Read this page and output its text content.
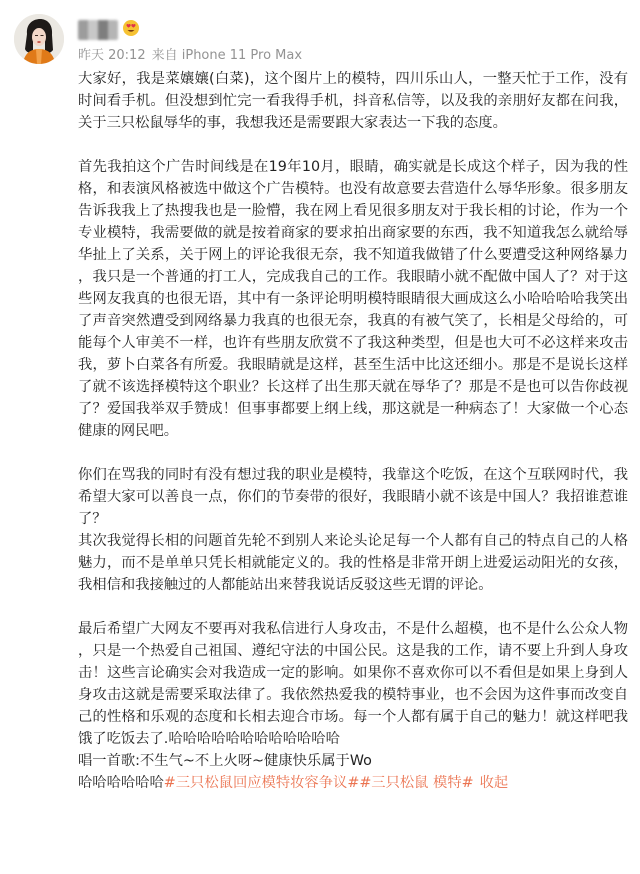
昨天 20:12 来自 iPhone 11 Pro Max

大家好，我是菜孃孃(白菜)，这个图片上的模特，四川乐山人，一整天忙于工作，没有时间看手机。但没想到忙完一看我得手机，抖音私信等，以及我的亲朋好友都在问我，关于三只松鼠辱华的事，我想我还是需要跟大家表达一下我的态度。

首先我拍这个广告时间线是在19年10月，眼睛，确实就是长成这个样子，因为我的性格，和表演风格被选中做这个广告模特。也没有故意要去营造什么辱华形象。很多朋友告诉我我上了热搜我也是一脸懵，我在网上看见很多朋友对于我长相的讨论，作为一个专业模特，我需要做的就是按着商家的要求拍出商家要的东西，我不知道我怎么就给辱华扯上了关系，关于网上的评论我很无奈，我不知道我做错了什么要遭受这种网络暴力，我只是一个普通的打工人，完成我自己的工作。我眼睛小就不配做中国人了？对于这些网友我真的也很无语，其中有一条评论明明模特眼睛很大画成这么小哈哈哈哈我笑出了声音突然遭受到网络暴力我真的也很无奈，我真的有被气笑了，长相是父母给的，可能每个人审美不一样，也许有些朋友欣赏不了我这种类型，但是也大可不必这样来攻击我，萝卜白菜各有所爱。我眼睛就是这样，甚至生活中比这还细小。那是不是说长这样了就不该选择模特这个职业？长这样了出生那天就在辱华了？那是不是也可以告你歧视了？爱国我举双手赞成！但事事都要上纲上线，那这就是一种病态了！大家做一个心态健康的网民吧。

你们在骂我的同时有没有想过我的职业是模特，我靠这个吃饭，在这个互联网时代，我希望大家可以善良一点，你们的节奏带的很好，我眼睛小就不该是中国人？我招谁惹谁了？

其次我觉得长相的问题首先轮不到别人来论头论足每一个人都有自己的特点自己的人格魅力，而不是单单只凭长相就能定义的。我的性格是非常开朗上进爱运动阳光的女孩，我相信和我接触过的人都能站出来替我说话反驳这些无谓的评论。

最后希望广大网友不要再对我私信进行人身攻击，不是什么超模，也不是什么公众人物，只是一个热爱自己祖国、遵纪守法的中国公民。这是我的工作，请不要上升到人身攻击！这些言论确实会对我造成一定的影响。如果你不喜欢你可以不看但是如果上身到人身攻击这就是需要采取法律了。我依然热爱我的模特事业，也不会因为这件事而改变自己的性格和乐观的态度和长相去迎合市场。每一个人都有属于自己的魅力！就这样吧我饿了吃饭去了.哈哈哈哈哈哈哈哈哈哈哈哈

唱一首歌:不生气~不上火呀~健康快乐属于Wo

哈哈哈哈哈哈#三只松鼠回应模特妆容争议##三只松鼠 模特# 收起
